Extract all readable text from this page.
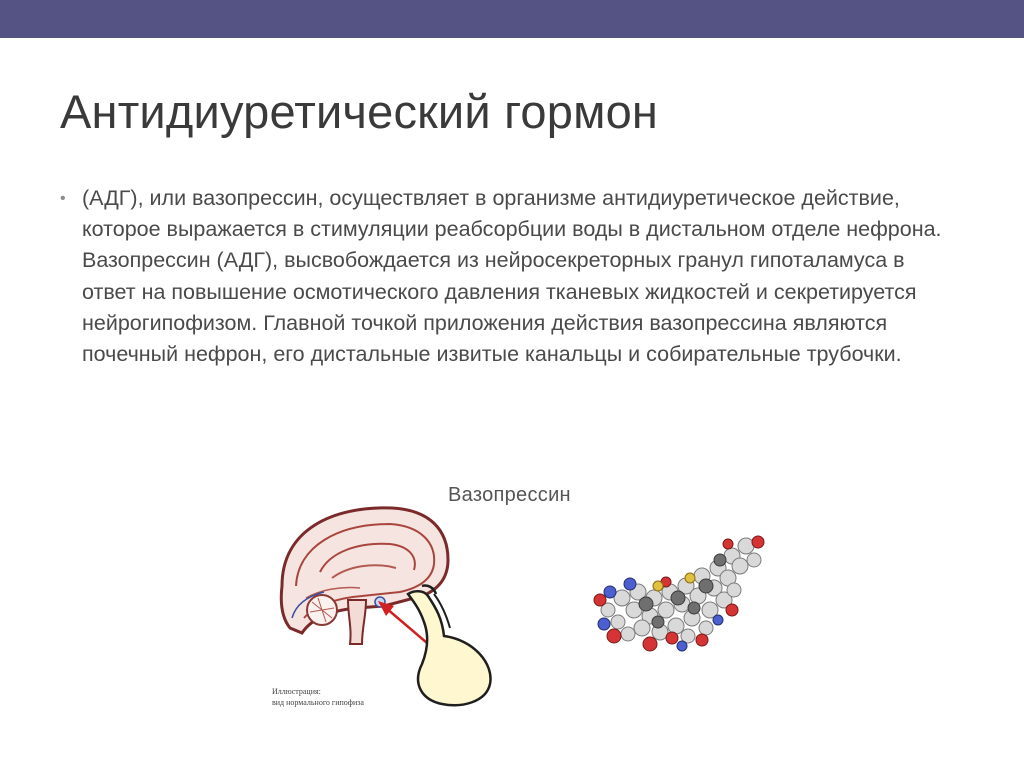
Антидиуретический гормон
• (АДГ), или вазопрессин, осуществляет в организме антидиуретическое действие, которое выражается в стимуляции реабсорбции воды в дистальном отделе нефрона. Вазопрессин (АДГ), высвобождается из нейросекреторных гранул гипоталамуса в ответ на повышение осмотического давления тканевых жидкостей и секретируется нейрогипофизом. Главной точкой приложения действия вазопрессина являются почечный нефрон, его дистальные извитые канальцы и собирательные трубочки.
Вазопрессин
Иллюстрация:
вид нормального гипофиза
